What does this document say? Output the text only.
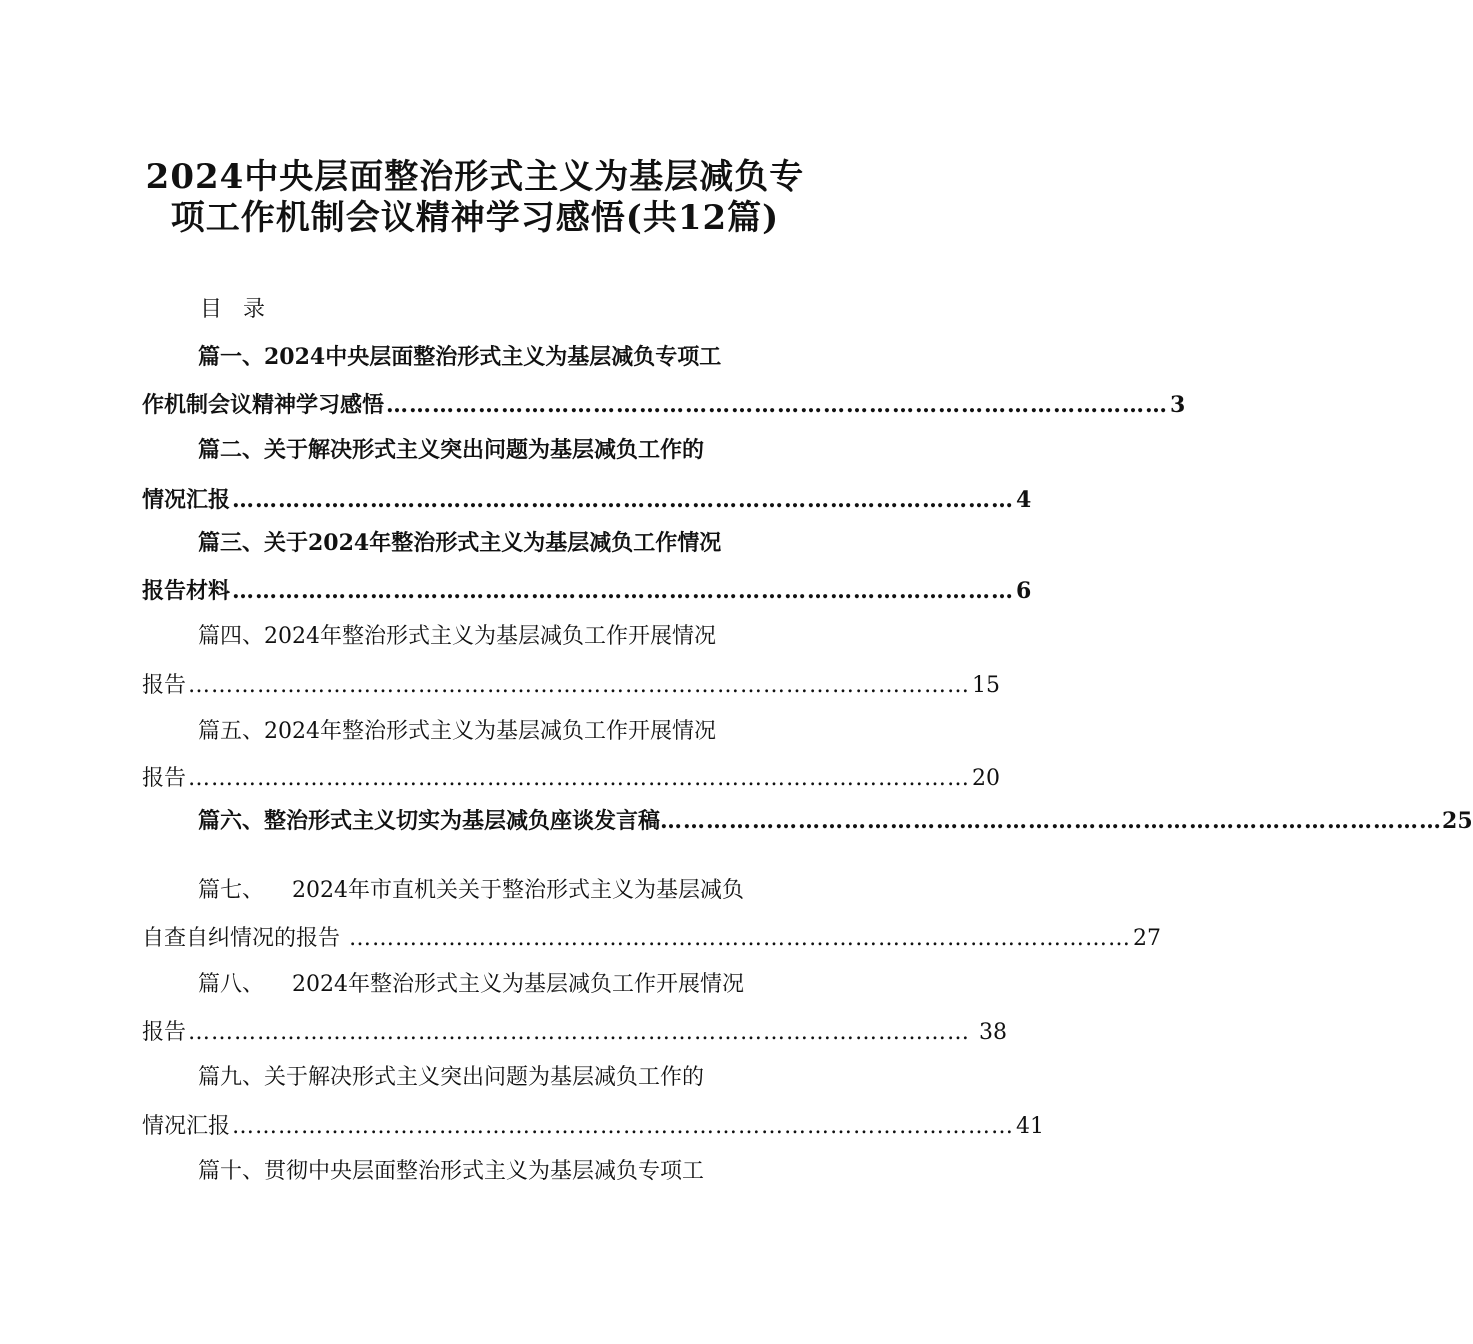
2024中央层面整治形式主义为基层减负专
项工作机制会议精神学习感悟(共12篇)
目   录
篇一、2024中央层面整治形式主义为基层减负专项工
作机制会议精神学习感悟 ………………………………………………………………………………………… 3
篇二、关于解决形式主义突出问题为基层减负工作的
情况汇报 ………………………………………………………………………………………… 4
篇三、关于2024年整治形式主义为基层减负工作情况
报告材料 ………………………………………………………………………………………… 6
篇四、2024年整治形式主义为基层减负工作开展情况
报告 ………………………………………………………………………………………… 15
篇五、2024年整治形式主义为基层减负工作开展情况
报告 ………………………………………………………………………………………… 20
篇六、整治形式主义切实为基层减负座谈发言稿 ………………………………………………………………………………………… 25
篇七、    2024年市直机关关于整治形式主义为基层减负
自查自纠情况的报告 ………………………………………………………………………………………… 27
篇八、    2024年整治形式主义为基层减负工作开展情况
报告 ………………………………………………………………………………………… 38
篇九、关于解决形式主义突出问题为基层减负工作的
情况汇报 ………………………………………………………………………………………… 41
篇十、贯彻中央层面整治形式主义为基层减负专项工
